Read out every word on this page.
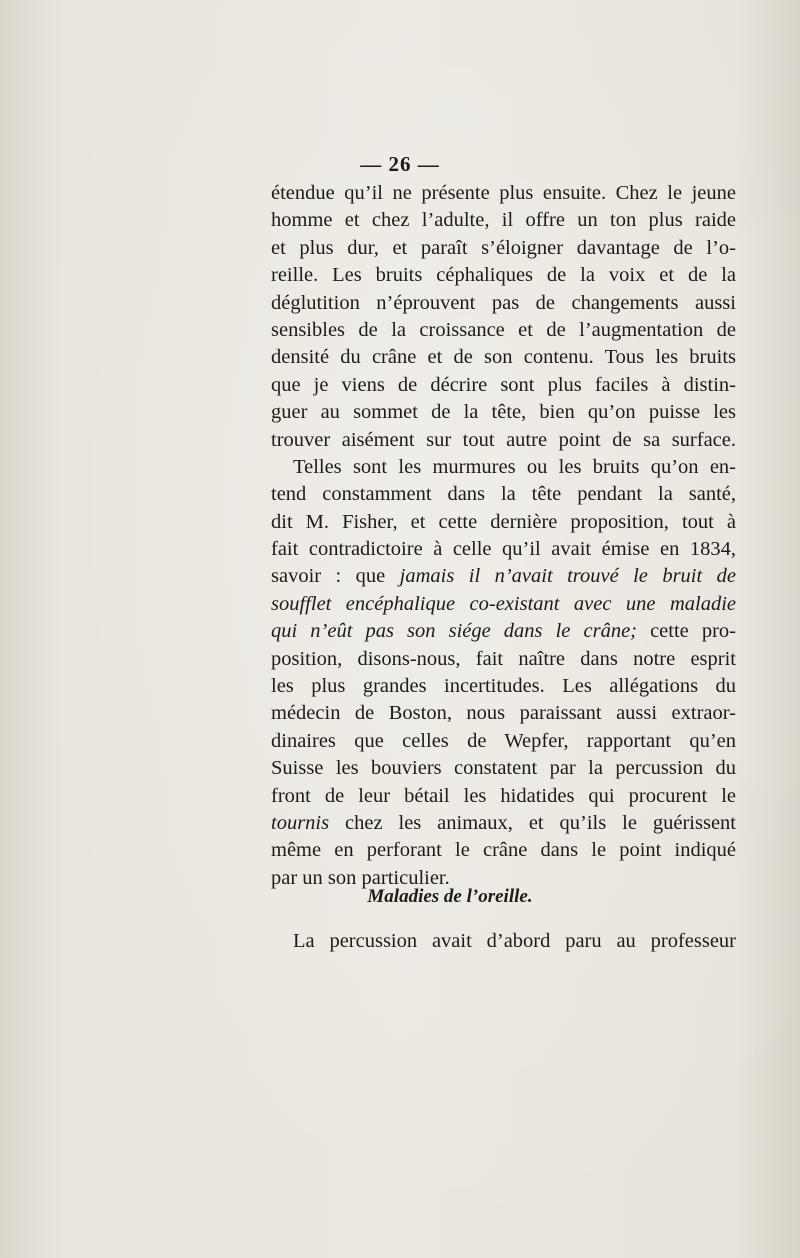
— 26 —
étendue qu’il ne présente plus ensuite. Chez le jeune
homme et chez l’adulte, il offre un ton plus raide
et plus dur, et paraît s’éloigner davantage de l’o-
reille. Les bruits céphaliques de la voix et de la
déglutition n’éprouvent pas de changements aussi
sensibles de la croissance et de l’augmentation de
densité du crâne et de son contenu. Tous les bruits
que je viens de décrire sont plus faciles à distin-
guer au sommet de la tête, bien qu’on puisse les
trouver aisément sur tout autre point de sa surface.
Telles sont les murmures ou les bruits qu’on en-
tend constamment dans la tête pendant la santé,
dit M. Fisher, et cette dernière proposition, tout à
fait contradictoire à celle qu’il avait émise en 1834,
savoir : que jamais il n’avait trouvé le bruit de
soufflet encéphalique co-existant avec une maladie
qui n’eût pas son siége dans le crâne; cette pro-
position, disons-nous, fait naître dans notre esprit
les plus grandes incertitudes. Les allégations du
médecin de Boston, nous paraissant aussi extraor-
dinaires que celles de Wepfer, rapportant qu’en
Suisse les bouviers constatent par la percussion du
front de leur bétail les hidatides qui procurent le
tournis chez les animaux, et qu’ils le guérissent
même en perforant le crâne dans le point indiqué
par un son particulier.
Maladies de l’oreille.
La percussion avait d’abord paru au professeur
